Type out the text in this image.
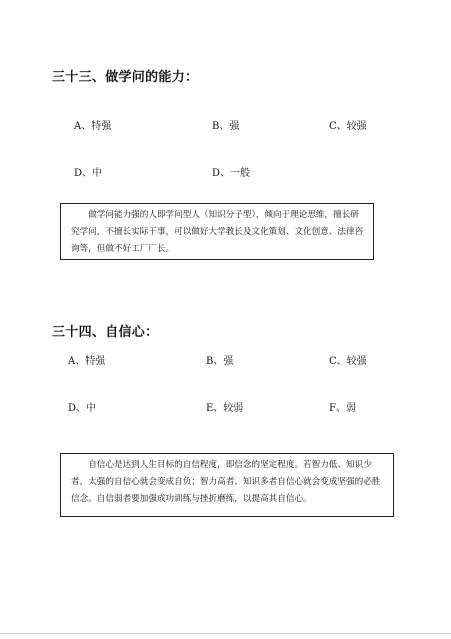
三十三、做学问的能力：
A、特强	B、强	C、较强
D、中	D、一般

做学问能力强的人即学问型人（知识分子型），倾向于理论思维，擅长研究学问，不擅长实际干事，可以做好大学教长及文化策划、文化创意、法律咨询等，但做不好工厂厂长。

三十四、自信心：
A、特强	B、强	C、较强
D、中	E、较弱	F、弱

自信心是达到人生目标的自信程度，即信念的坚定程度。若智力低、知识少者，太强的自信心就会变成自负；智力高者、知识多者自信心就会变成坚强的必胜信念。自信弱者要加强成功训练与挫折磨练，以提高其自信心。
